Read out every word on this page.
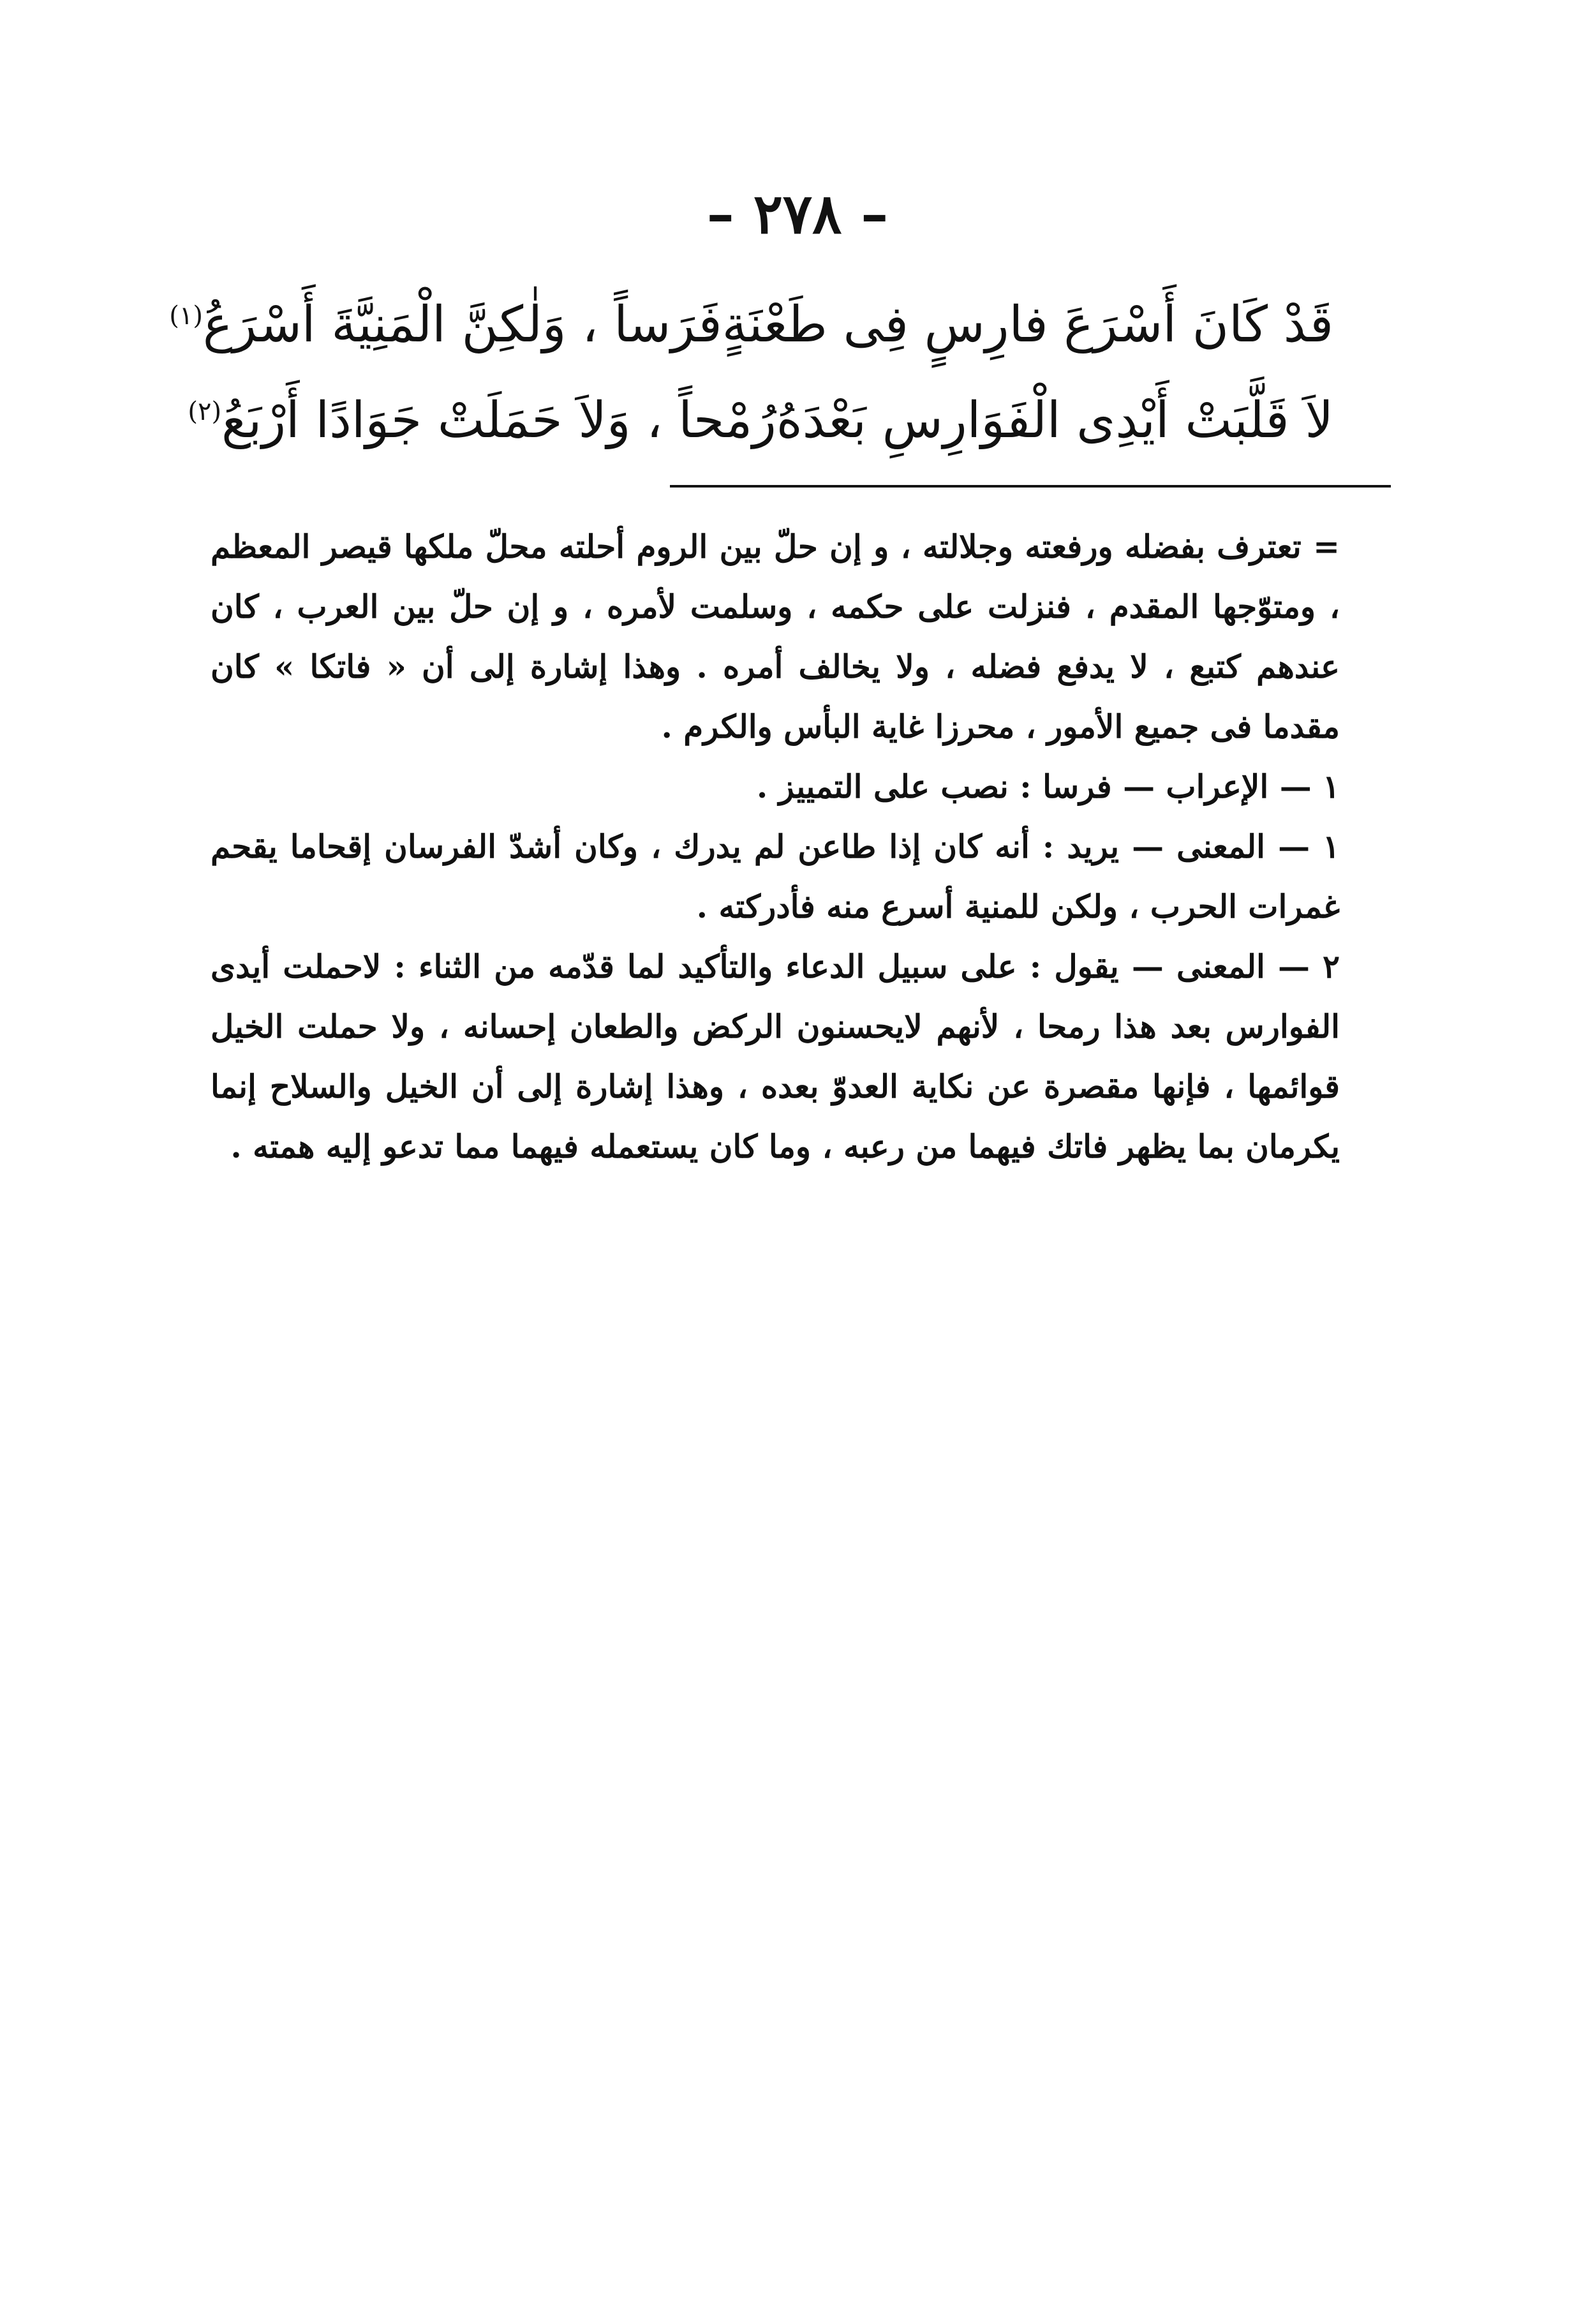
– ٢٧٨ –
قَدْ كَانَ أَسْرَعَ فارِسٍ فِى طَعْنَةٍ
فَرَساً ، وَلٰكِنَّ الْمَنِيَّةَ أَسْرَعُ$^{(١)}$
لاَ قَلَّبَتْ أَيْدِى الْفَوَارِسِ بَعْدَهُ
رُمْحاً ، وَلاَ حَمَلَتْ جَوَادًا أَرْبَعُ$^{(٢)}$

= تعترف بفضله ورفعته وجلالته ، و إن حلّ بين الروم أحلته محلّ ملكها قيصر المعظم ، ومتوّجها المقدم ، فنزلت على حكمه ، وسلمت لأمره ، و إن حلّ بين العرب ، كان عندهم كتبع ، لا يدفع فضله ، ولا يخالف أمره . وهذا إشارة إلى أن « فاتكا » كان مقدما فى جميع الأمور ، محرزا غاية البأس والكرم .

١ — الإعراب — فرسا : نصب على التمييز .

١ — المعنى — يريد : أنه كان إذا طاعن لم يدرك ، وكان أشدّ الفرسان إقحاما يقحم غمرات الحرب ، ولكن للمنية أسرع منه فأدركته .

٢ — المعنى — يقول : على سبيل الدعاء والتأكيد لما قدّمه من الثناء : لاحملت أيدى الفوارس بعد هذا رمحا ، لأنهم لايحسنون الركض والطعان إحسانه ، ولا حملت الخيل قوائمها ، فإنها مقصرة عن نكاية العدوّ بعده ، وهذا إشارة إلى أن الخيل والسلاح إنما يكرمان بما يظهر فاتك فيهما من رعبه ، وما كان يستعمله فيهما مما تدعو إليه همته .
